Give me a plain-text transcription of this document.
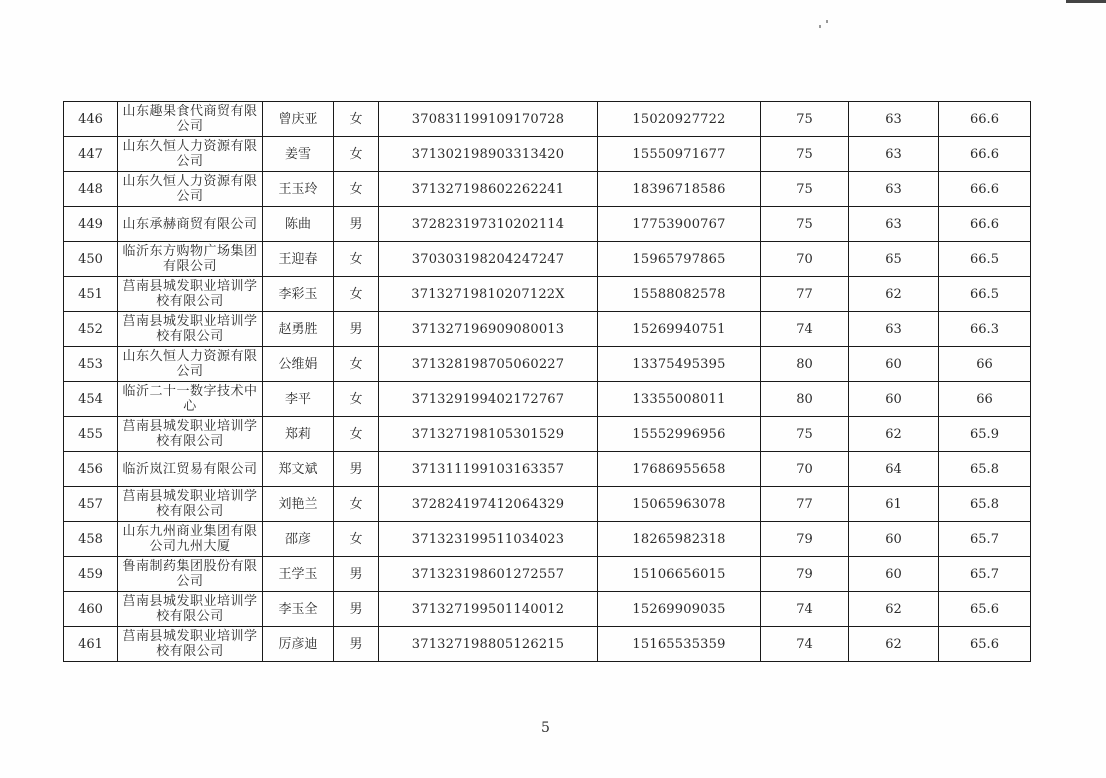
446	山东趣果食代商贸有限公司	曾庆亚	女	370831199109170728	15020927722	75	63	66.6
447	山东久恒人力资源有限公司	姜雪	女	371302198903313420	15550971677	75	63	66.6
448	山东久恒人力资源有限公司	王玉玲	女	371327198602262241	18396718586	75	63	66.6
449	山东承赫商贸有限公司	陈曲	男	372823197310202114	17753900767	75	63	66.6
450	临沂东方购物广场集团有限公司	王迎春	女	370303198204247247	15965797865	70	65	66.5
451	莒南县城发职业培训学校有限公司	李彩玉	女	37132719810207122X	15588082578	77	62	66.5
452	莒南县城发职业培训学校有限公司	赵勇胜	男	371327196909080013	15269940751	74	63	66.3
453	山东久恒人力资源有限公司	公维娟	女	371328198705060227	13375495395	80	60	66
454	临沂二十一数字技术中心	李平	女	371329199402172767	13355008011	80	60	66
455	莒南县城发职业培训学校有限公司	郑莉	女	371327198105301529	15552996956	75	62	65.9
456	临沂岚江贸易有限公司	郑文斌	男	371311199103163357	17686955658	70	64	65.8
457	莒南县城发职业培训学校有限公司	刘艳兰	女	372824197412064329	15065963078	77	61	65.8
458	山东九州商业集团有限公司九州大厦	邵彦	女	371323199511034023	18265982318	79	60	65.7
459	鲁南制药集团股份有限公司	王学玉	男	371323198601272557	15106656015	79	60	65.7
460	莒南县城发职业培训学校有限公司	李玉全	男	371327199501140012	15269909035	74	62	65.6
461	莒南县城发职业培训学校有限公司	厉彦迪	男	371327198805126215	15165535359	74	62	65.6
5
